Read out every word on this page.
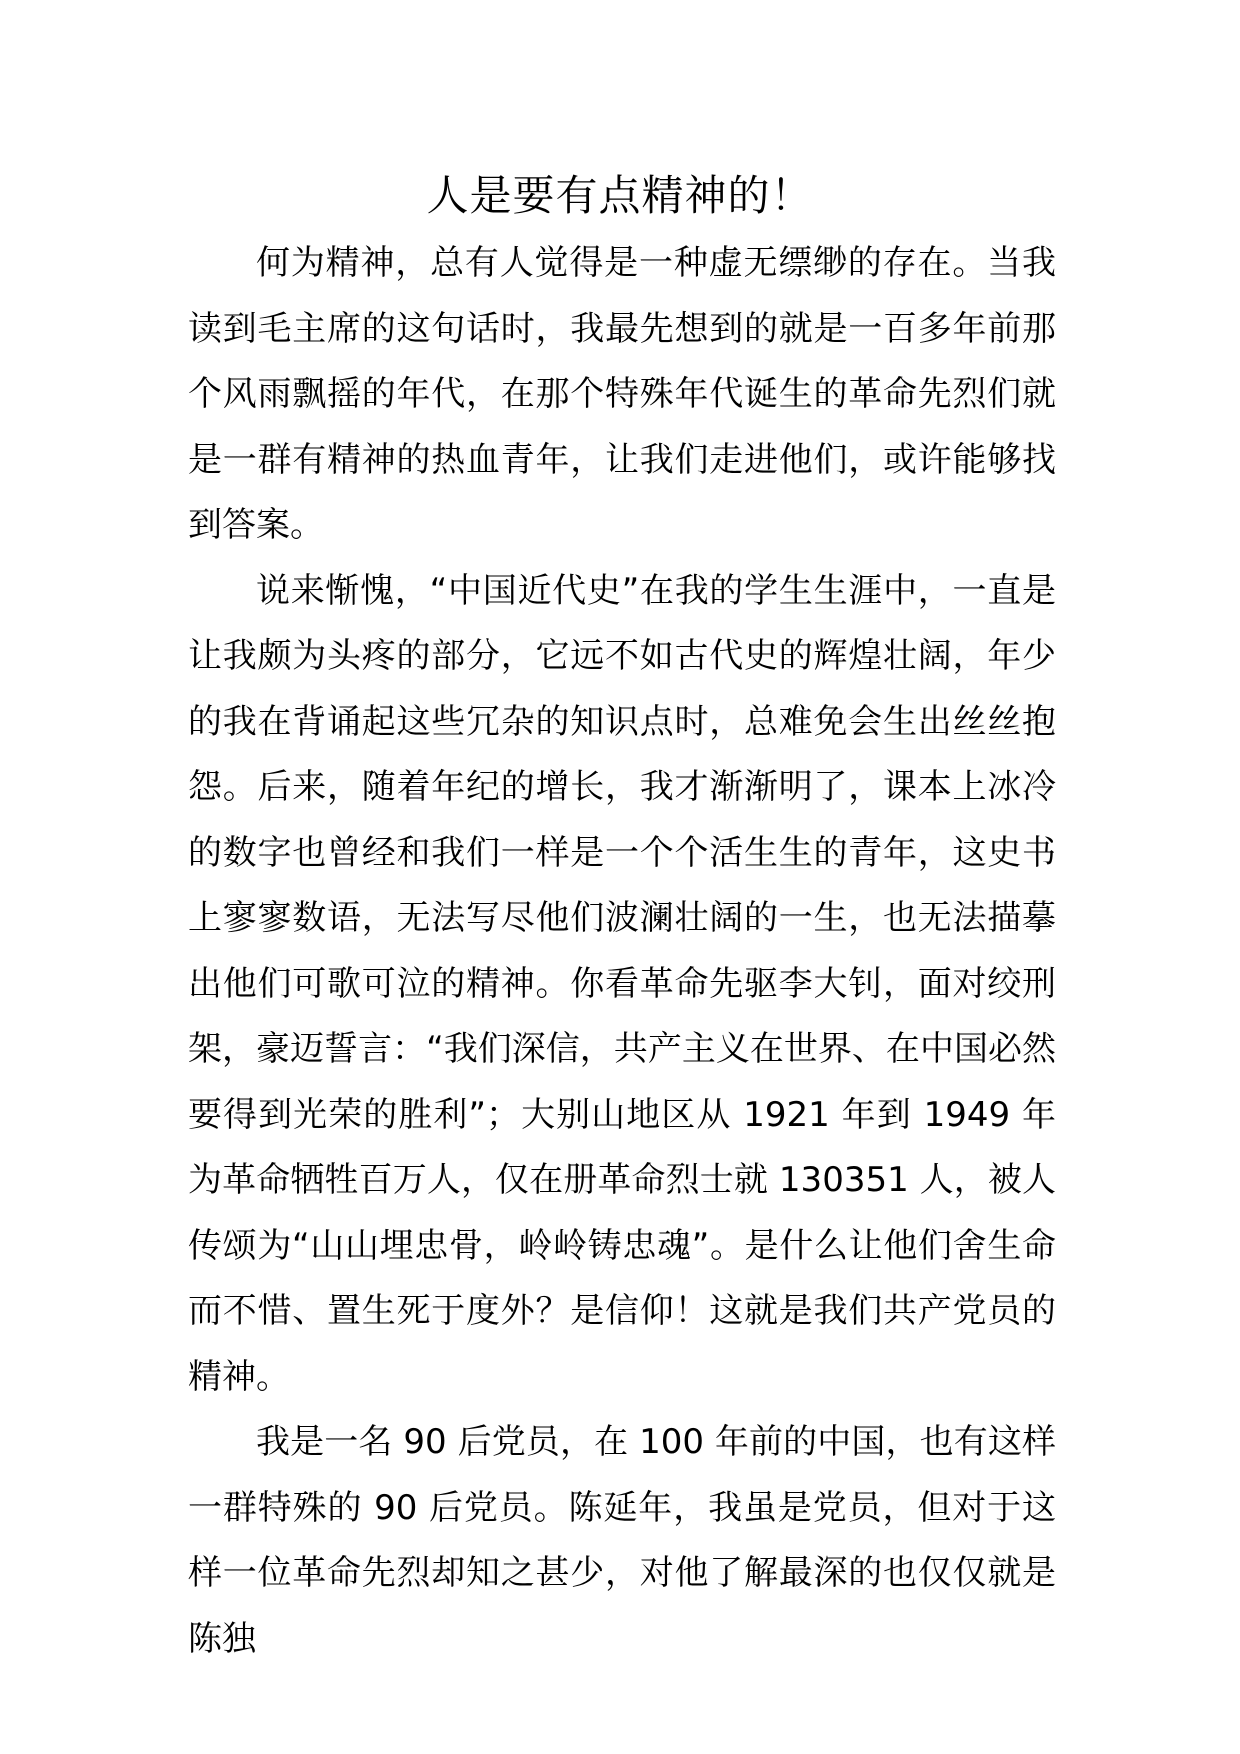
人是要有点精神的！

何为精神，总有人觉得是一种虚无缥缈的存在。当我读到毛主席的这句话时，我最先想到的就是一百多年前那个风雨飘摇的年代，在那个特殊年代诞生的革命先烈们就是一群有精神的热血青年，让我们走进他们，或许能够找到答案。

说来惭愧，“中国近代史”在我的学生生涯中，一直是让我颇为头疼的部分，它远不如古代史的辉煌壮阔，年少的我在背诵起这些冗杂的知识点时，总难免会生出丝丝抱怨。后来，随着年纪的增长，我才渐渐明了，课本上冰冷的数字也曾经和我们一样是一个个活生生的青年，这史书上寥寥数语，无法写尽他们波澜壮阔的一生，也无法描摹出他们可歌可泣的精神。你看革命先驱李大钊，面对绞刑架，豪迈誓言：“我们深信，共产主义在世界、在中国必然要得到光荣的胜利”；大别山地区从 1921 年到 1949 年为革命牺牲百万人，仅在册革命烈士就 130351 人，被人传颂为“山山埋忠骨，岭岭铸忠魂”。是什么让他们舍生命而不惜、置生死于度外？是信仰！这就是我们共产党员的精神。

我是一名 90 后党员，在 100 年前的中国，也有这样一群特殊的 90 后党员。陈延年，我虽是党员，但对于这样一位革命先烈却知之甚少，对他了解最深的也仅仅就是陈独
